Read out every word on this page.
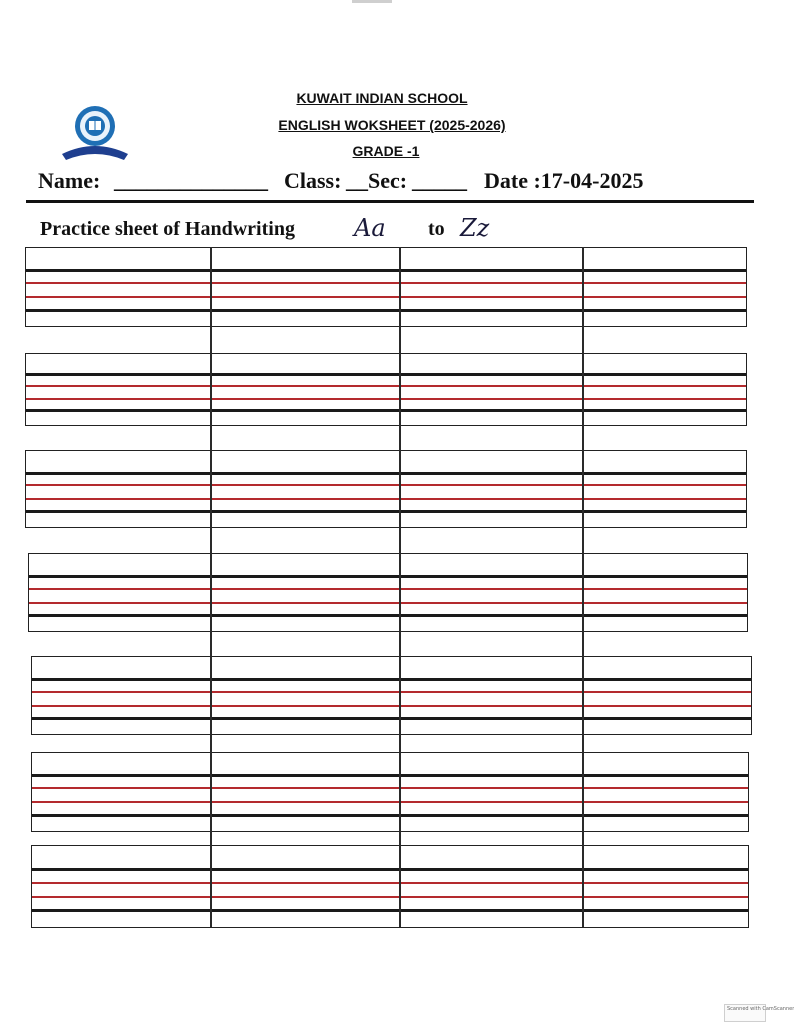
KUWAIT INDIAN SCHOOL
ENGLISH WOKSHEET (2025-2026)
GRADE -1
Name: ______________ Class: __ Sec: _____ Date :17-04-2025
Practice sheet of Handwriting Aa to Zz
Scanned with CamScanner
